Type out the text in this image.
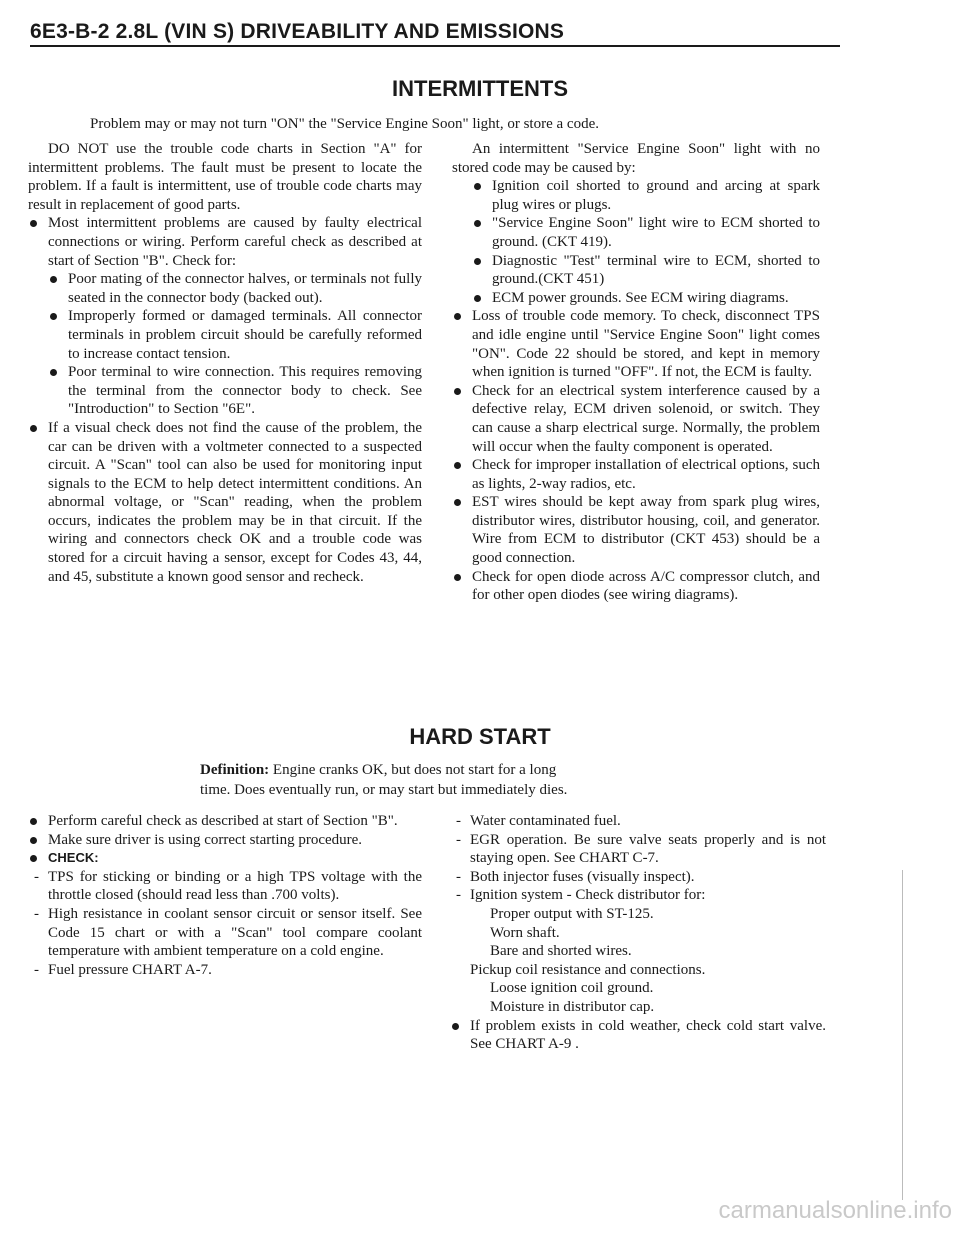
6E3-B-2 2.8L (VIN S) DRIVEABILITY AND EMISSIONS
INTERMITTENTS
Problem may or may not turn "ON" the "Service Engine Soon" light, or store a code.

DO NOT use the trouble code charts in Section "A" for intermittent problems. The fault must be present to locate the problem. If a fault is intermittent, use of trouble code charts may result in replacement of good parts.

Most intermittent problems are caused by faulty electrical connections or wiring. Perform careful check as described at start of Section "B". Check for:

Poor mating of the connector halves, or terminals not fully seated in the connector body (backed out).

Improperly formed or damaged terminals. All connector terminals in problem circuit should be carefully reformed to increase contact tension.

Poor terminal to wire connection. This requires removing the terminal from the connector body to check. See "Introduction" to Section "6E".

If a visual check does not find the cause of the problem, the car can be driven with a voltmeter connected to a suspected circuit. A "Scan" tool can also be used for monitoring input signals to the ECM to help detect intermittent conditions. An abnormal voltage, or "Scan" reading, when the problem occurs, indicates the problem may be in that circuit. If the wiring and connectors check OK and a trouble code was stored for a circuit having a sensor, except for Codes 43, 44, and 45, substitute a known good sensor and recheck.

An intermittent "Service Engine Soon" light with no stored code may be caused by:

Ignition coil shorted to ground and arcing at spark plug wires or plugs.

"Service Engine Soon" light wire to ECM shorted to ground. (CKT 419).

Diagnostic "Test" terminal wire to ECM, shorted to ground.(CKT 451)

ECM power grounds. See ECM wiring diagrams.

Loss of trouble code memory. To check, disconnect TPS and idle engine until "Service Engine Soon" light comes "ON". Code 22 should be stored, and kept in memory when ignition is turned "OFF". If not, the ECM is faulty.

Check for an electrical system interference caused by a defective relay, ECM driven solenoid, or switch. They can cause a sharp electrical surge. Normally, the problem will occur when the faulty component is operated.

Check for improper installation of electrical options, such as lights, 2-way radios, etc.

EST wires should be kept away from spark plug wires, distributor wires, distributor housing, coil, and generator. Wire from ECM to distributor (CKT 453) should be a good connection.

Check for open diode across A/C compressor clutch, and for other open diodes (see wiring diagrams).

HARD START

Definition: Engine cranks OK, but does not start for a long

time. Does eventually run, or may start but immediately dies.

Perform careful check as described at start of Section "B".

Make sure driver is using correct starting procedure.

CHECK:

- TPS for sticking or binding or a high TPS voltage with the throttle closed (should read less than .700 volts).

- High resistance in coolant sensor circuit or sensor itself. See Code 15 chart or with a "Scan" tool compare coolant temperature with ambient temperature on a cold engine.

- Fuel pressure CHART A-7.

- Water contaminated fuel.

- EGR operation. Be sure valve seats properly and is not staying open. See CHART C-7.

- Both injector fuses (visually inspect).

- Ignition system - Check distributor for:

Proper output with ST-125.
Worn shaft.
Bare and shorted wires.
Pickup coil resistance and connections.
Loose ignition coil ground.
Moisture in distributor cap.

If problem exists in cold weather, check cold start valve. See CHART A-9 .

carmanualsonline.info
